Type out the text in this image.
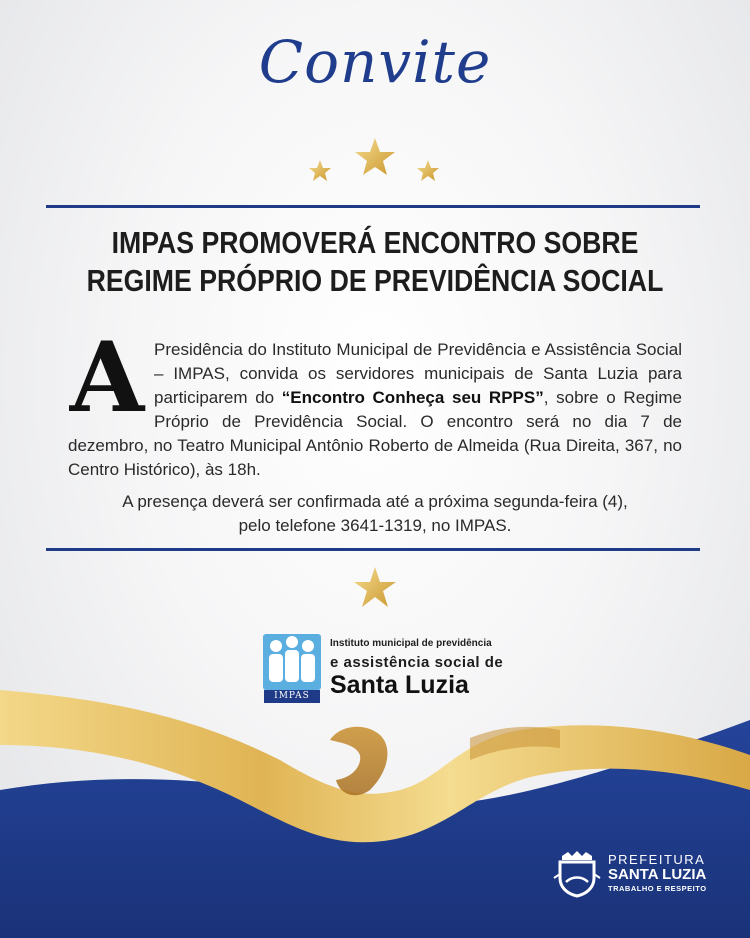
Convite
IMPAS PROMOVERÁ ENCONTRO SOBRE
REGIME PRÓPRIO DE PREVIDÊNCIA SOCIAL
A Presidência do Instituto Municipal de Previdência e Assistência Social – IMPAS, convida os servidores municipais de Santa Luzia para participarem do “Encontro Conheça seu RPPS”, sobre o Regime Próprio de Previdência Social. O encontro será no dia 7 de dezembro, no Teatro Municipal Antônio Roberto de Almeida (Rua Direita, 367, no Centro Histórico), às 18h.
A presença deverá ser confirmada até a próxima segunda-feira (4),
pelo telefone 3641-1319, no IMPAS.
IMPAS
Instituto municipal de previdência
e assistência social de
Santa Luzia
PREFEITURA
SANTA LUZIA
TRABALHO E RESPEITO
